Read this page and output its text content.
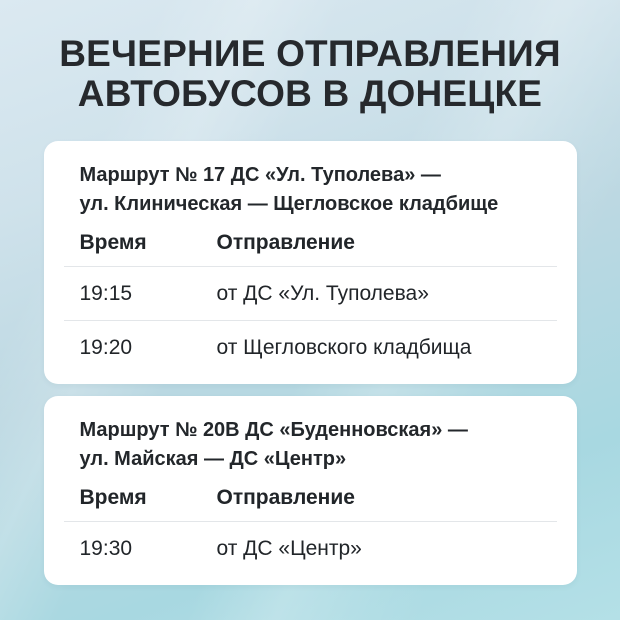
ВЕЧЕРНИЕ ОТПРАВЛЕНИЯ
АВТОБУСОВ В ДОНЕЦКЕ
Маршрут № 17 ДС «Ул. Туполева» —
ул. Клиническая — Щегловское кладбище
Время	Отправление
19:15	от ДС «Ул. Туполева»
19:20	от Щегловского кладбища
Маршрут № 20В ДС «Буденновская» —
ул. Майская — ДС «Центр»
Время	Отправление
19:30	от ДС «Центр»
